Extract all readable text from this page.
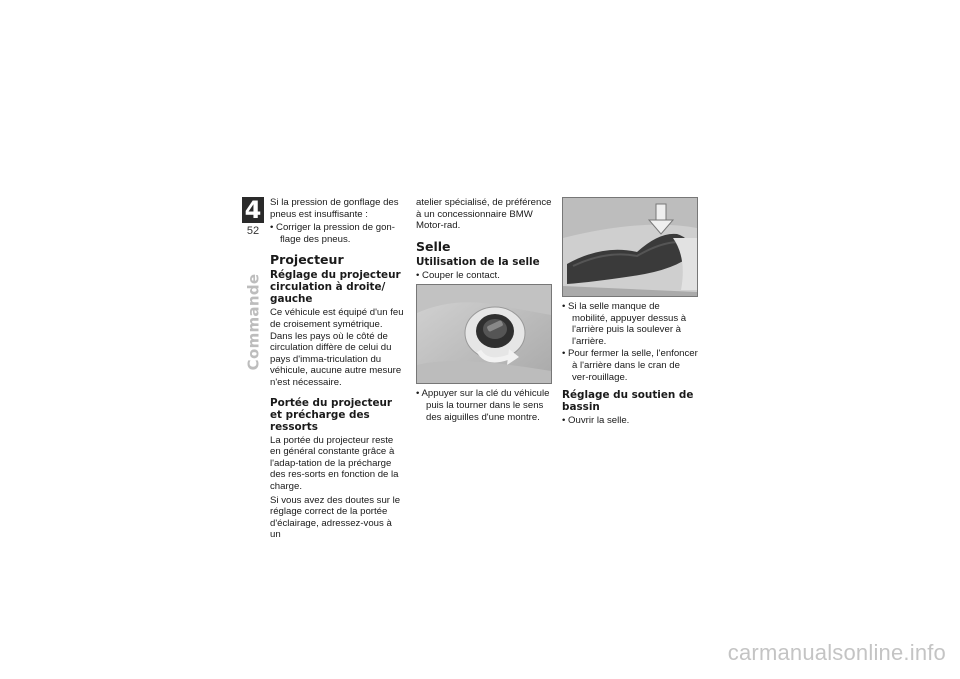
4
52
Commande

Si la pression de gonflage des pneus est insuffisante :

• Corriger la pression de gon-flage des pneus.

Projecteur
Réglage du projecteur circulation à droite/ gauche

Ce véhicule est équipé d'un feu de croisement symétrique. Dans les pays où le côté de circulation diffère de celui du pays d'imma-triculation du véhicule, aucune autre mesure n'est nécessaire.

Portée du projecteur et précharge des ressorts

La portée du projecteur reste en général constante grâce à l'adap-tation de la précharge des res-sorts en fonction de la charge.

Si vous avez des doutes sur le réglage correct de la portée d'éclairage, adressez-vous à un

atelier spécialisé, de préférence à un concessionnaire BMW Motor-rad.

Selle
Utilisation de la selle

• Couper le contact.

• Appuyer sur la clé du véhicule puis la tourner dans le sens des aiguilles d'une montre.

• Si la selle manque de mobilité, appuyer dessus à l'arrière puis la soulever à l'arrière.

• Pour fermer la selle, l'enfoncer à l'arrière dans le cran de ver-rouillage.

Réglage du soutien de bassin

• Ouvrir la selle.

carmanualsonline.info
